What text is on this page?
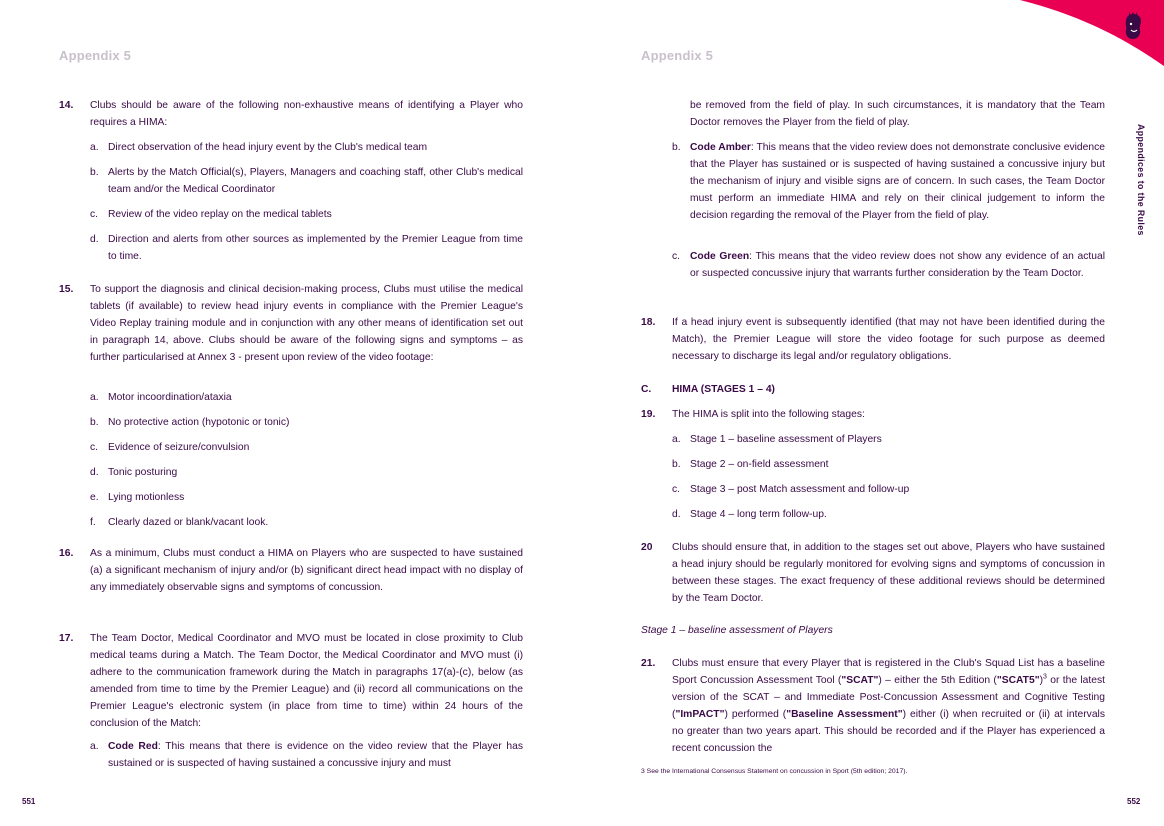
Appendix 5
14. Clubs should be aware of the following non-exhaustive means of identifying a Player who requires a HIMA:
a. Direct observation of the head injury event by the Club's medical team
b. Alerts by the Match Official(s), Players, Managers and coaching staff, other Club's medical team and/or the Medical Coordinator
c. Review of the video replay on the medical tablets
d. Direction and alerts from other sources as implemented by the Premier League from time to time.
15. To support the diagnosis and clinical decision-making process, Clubs must utilise the medical tablets (if available) to review head injury events in compliance with the Premier League's Video Replay training module and in conjunction with any other means of identification set out in paragraph 14, above. Clubs should be aware of the following signs and symptoms – as further particularised at Annex 3 - present upon review of the video footage:
a. Motor incoordination/ataxia
b. No protective action (hypotonic or tonic)
c. Evidence of seizure/convulsion
d. Tonic posturing
e. Lying motionless
f. Clearly dazed or blank/vacant look.
16. As a minimum, Clubs must conduct a HIMA on Players who are suspected to have sustained (a) a significant mechanism of injury and/or (b) significant direct head impact with no display of any immediately observable signs and symptoms of concussion.
17. The Team Doctor, Medical Coordinator and MVO must be located in close proximity to Club medical teams during a Match. The Team Doctor, the Medical Coordinator and MVO must (i) adhere to the communication framework during the Match in paragraphs 17(a)-(c), below (as amended from time to time by the Premier League) and (ii) record all communications on the Premier League's electronic system (in place from time to time) within 24 hours of the conclusion of the Match:
a. Code Red: This means that there is evidence on the video review that the Player has sustained or is suspected of having sustained a concussive injury and must
551
Appendix 5
be removed from the field of play. In such circumstances, it is mandatory that the Team Doctor removes the Player from the field of play.
b. Code Amber: This means that the video review does not demonstrate conclusive evidence that the Player has sustained or is suspected of having sustained a concussive injury but the mechanism of injury and visible signs are of concern. In such cases, the Team Doctor must perform an immediate HIMA and rely on their clinical judgement to inform the decision regarding the removal of the Player from the field of play.
c. Code Green: This means that the video review does not show any evidence of an actual or suspected concussive injury that warrants further consideration by the Team Doctor.
18. If a head injury event is subsequently identified (that may not have been identified during the Match), the Premier League will store the video footage for such purpose as deemed necessary to discharge its legal and/or regulatory obligations.
C. HIMA (STAGES 1 – 4)
19. The HIMA is split into the following stages:
a. Stage 1 – baseline assessment of Players
b. Stage 2 – on-field assessment
c. Stage 3 – post Match assessment and follow-up
d. Stage 4 – long term follow-up.
20 Clubs should ensure that, in addition to the stages set out above, Players who have sustained a head injury should be regularly monitored for evolving signs and symptoms of concussion in between these stages. The exact frequency of these additional reviews should be determined by the Team Doctor.
Stage 1 – baseline assessment of Players
21. Clubs must ensure that every Player that is registered in the Club's Squad List has a baseline Sport Concussion Assessment Tool ("SCAT") – either the 5th Edition ("SCAT5")$^3$ or the latest version of the SCAT – and Immediate Post-Concussion Assessment and Cognitive Testing ("ImPACT") performed ("Baseline Assessment") either (i) when recruited or (ii) at intervals no greater than two years apart. This should be recorded and if the Player has experienced a recent concussion the
3 See the International Consensus Statement on concussion in Sport (5th edition; 2017).
552
Appendices to the Rules
